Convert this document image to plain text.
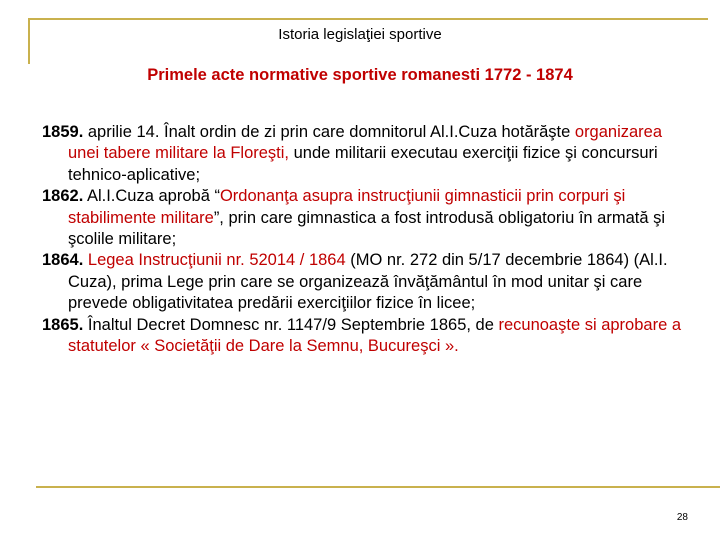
Istoria legislaţiei sportive
Primele acte normative sportive romanesti 1772 - 1874

1859. aprilie 14. Înalt ordin de zi prin care domnitorul Al.I.Cuza hotărăşte organizarea unei tabere militare la Floreşti, unde militarii executau exerciţii fizice şi concursuri tehnico-aplicative;

1862. Al.I.Cuza aprobă “Ordonanţa asupra instrucţiunii gimnasticii prin corpuri şi stabilimente militare”, prin care gimnastica a fost introdusă obligatoriu în armată şi şcolile militare;

1864. Legea Instrucţiunii nr. 52014 / 1864 (MO nr. 272 din 5/17 decembrie 1864) (Al.I. Cuza), prima Lege prin care se organizează învăţământul în mod unitar şi care prevede obligativitatea predării exerciţiilor fizice în licee;

1865. Înaltul Decret Domnesc nr. 1147/9 Septembrie 1865, de recunoaşte si aprobare a statutelor « Societăţii de Dare la Semnu, Bucureşci ».

28
